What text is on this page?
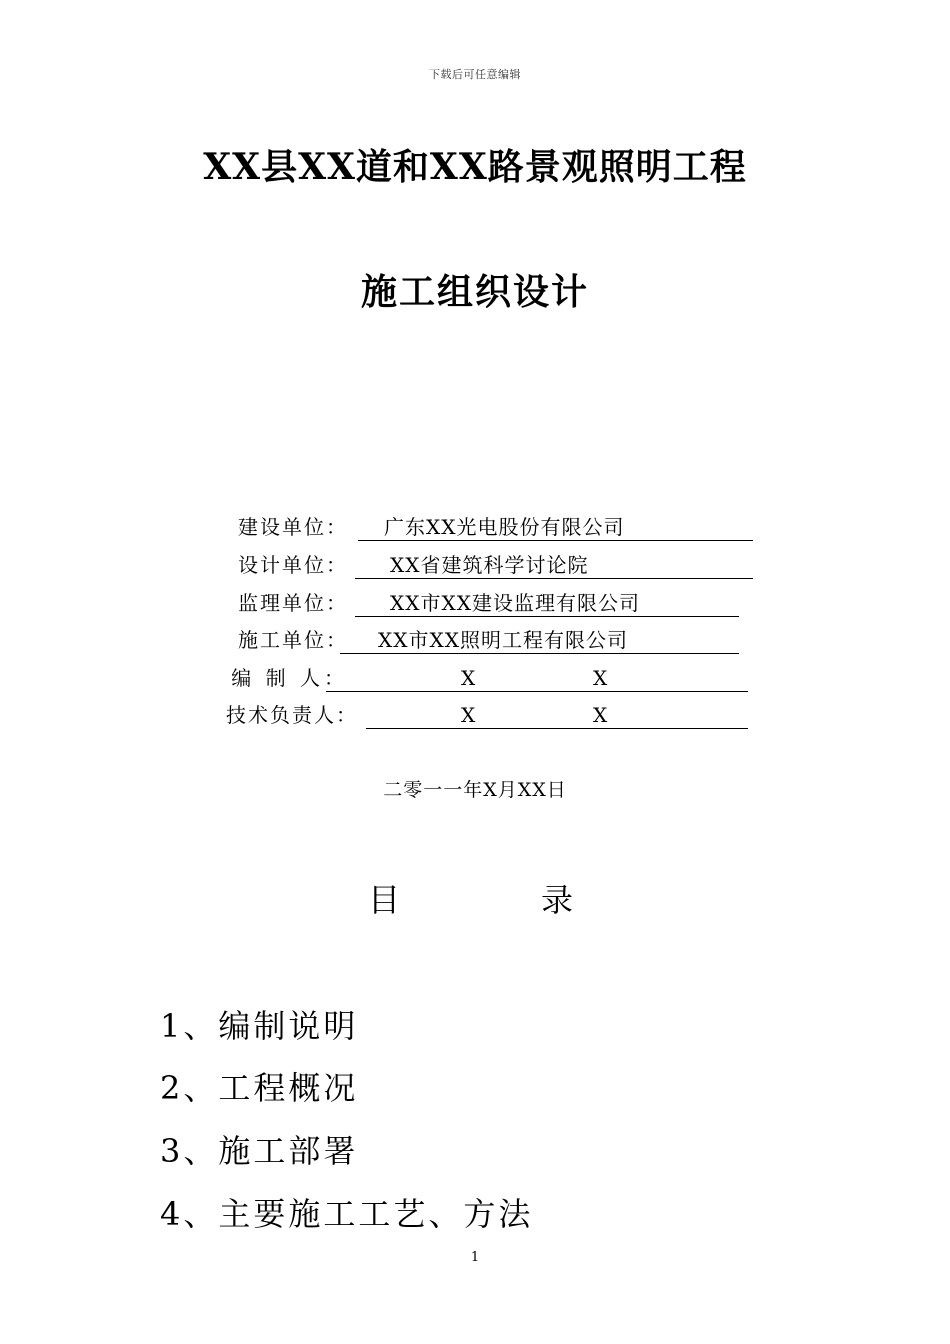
下载后可任意编辑
XX县XX道和XX路景观照明工程
施工组织设计
建设单位： 广东XX光电股份有限公司
设计单位： XX省建筑科学讨论院
监理单位： XX市XX建设监理有限公司
施工单位： XX市XX照明工程有限公司
编 制 人：	X	X
技术负责人：	X	X
二零一一年X月XX日
目	录
1、编制说明
2、工程概况
3、施工部署
4、主要施工工艺、方法
1
